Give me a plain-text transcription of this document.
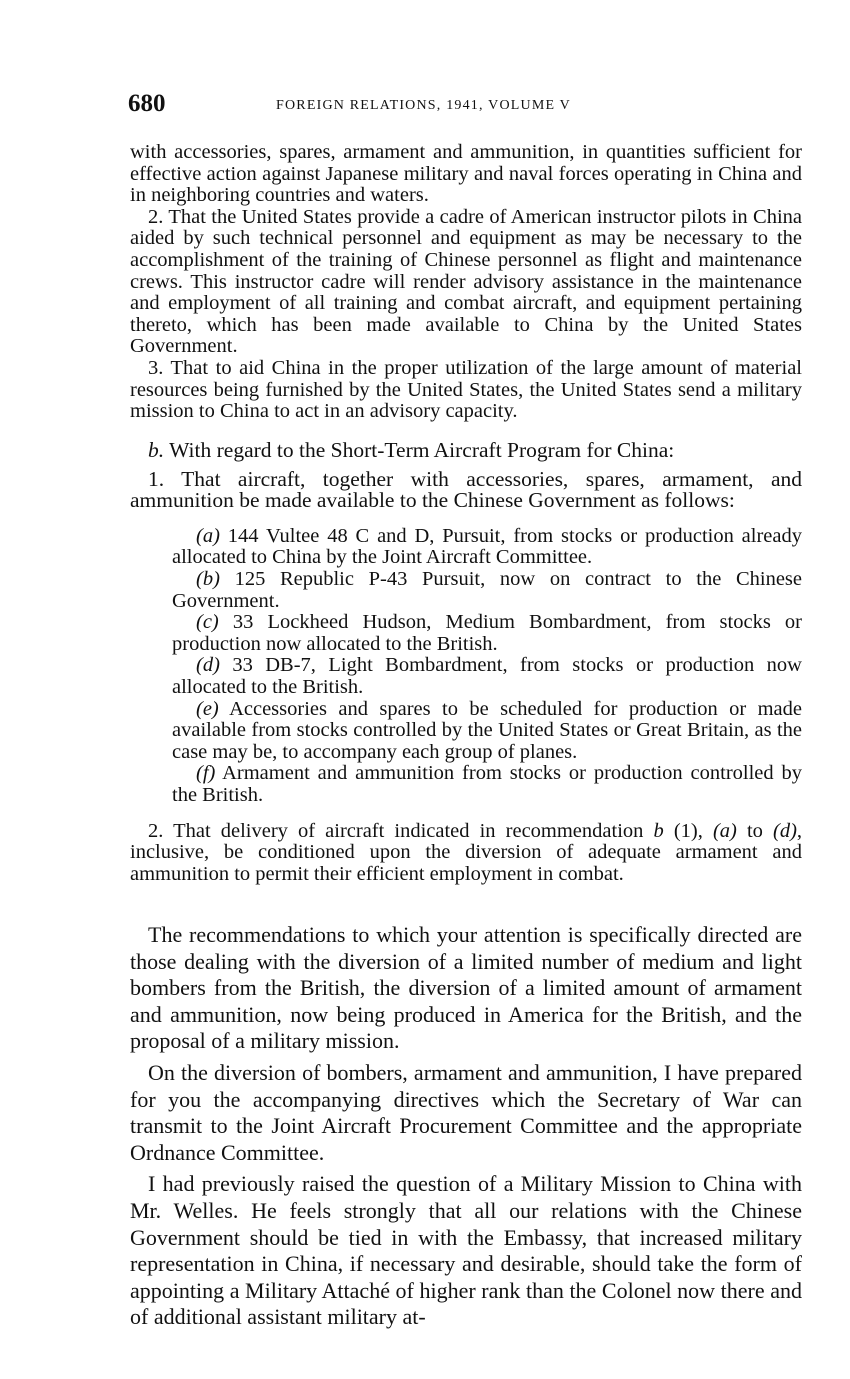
680	FOREIGN RELATIONS, 1941, VOLUME V

with accessories, spares, armament and ammunition, in quantities sufficient for effective action against Japanese military and naval forces operating in China and in neighboring countries and waters.

2. That the United States provide a cadre of American instructor pilots in China aided by such technical personnel and equipment as may be necessary to the accomplishment of the training of Chinese personnel as flight and maintenance crews. This instructor cadre will render advisory assistance in the maintenance and employment of all training and combat aircraft, and equipment pertaining thereto, which has been made available to China by the United States Government.

3. That to aid China in the proper utilization of the large amount of material resources being furnished by the United States, the United States send a military mission to China to act in an advisory capacity.

b. With regard to the Short-Term Aircraft Program for China:

1. That aircraft, together with accessories, spares, armament, and ammunition be made available to the Chinese Government as follows:

(a) 144 Vultee 48 C and D, Pursuit, from stocks or production already allocated to China by the Joint Aircraft Committee.

(b) 125 Republic P-43 Pursuit, now on contract to the Chinese Government.

(c) 33 Lockheed Hudson, Medium Bombardment, from stocks or production now allocated to the British.

(d) 33 DB-7, Light Bombardment, from stocks or production now allocated to the British.

(e) Accessories and spares to be scheduled for production or made available from stocks controlled by the United States or Great Britain, as the case may be, to accompany each group of planes.

(f) Armament and ammunition from stocks or production controlled by the British.

2. That delivery of aircraft indicated in recommendation b (1), (a) to (d), inclusive, be conditioned upon the diversion of adequate armament and ammunition to permit their efficient employment in combat.

The recommendations to which your attention is specifically directed are those dealing with the diversion of a limited number of medium and light bombers from the British, the diversion of a limited amount of armament and ammunition, now being produced in America for the British, and the proposal of a military mission.

On the diversion of bombers, armament and ammunition, I have prepared for you the accompanying directives which the Secretary of War can transmit to the Joint Aircraft Procurement Committee and the appropriate Ordnance Committee.

I had previously raised the question of a Military Mission to China with Mr. Welles. He feels strongly that all our relations with the Chinese Government should be tied in with the Embassy, that increased military representation in China, if necessary and desirable, should take the form of appointing a Military Attaché of higher rank than the Colonel now there and of additional assistant military at-
